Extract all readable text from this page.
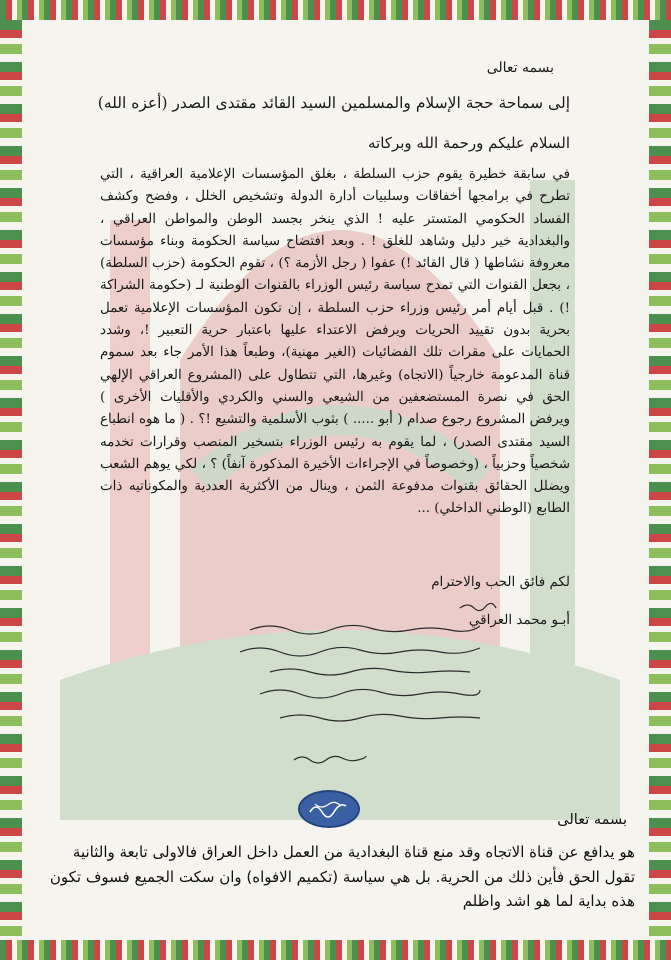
بسمه تعالى
إلى سماحة حجة الإسلام والمسلمين السيد القائد مقتدى الصدر (أعزه الله)
السلام عليكم ورحمة الله وبركاته
في سابقة خطيرة يقوم حزب السلطة ، بغلق المؤسسات الإعلامية العراقية ، التي تطرح في برامجها أخفاقات وسلبيات أدارة الدولة وتشخيص الخلل ، وفضح وكشف الفساد الحكومي المتستر عليه ! الذي ينخر بجسد الوطن والمواطن العراقي ، والبغدادية خير دليل وشاهد للغلق ! . وبعد افتضاح سياسة الحكومة وبناء مؤسسات معروفة نشاطها ( قال القائد !) عفوا ( رجل الأزمة ؟) ، تقوم الحكومة (حزب السلطة) ، بجعل القنوات التي تمدح سياسة رئيس الوزراء بالقنوات الوطنية لـ (حكومة الشراكة !) . قبل أيام أمر رئيس وزراء حزب السلطة ، إن تكون المؤسسات الإعلامية تعمل بحرية بدون تقييد الحريات ويرفض الاعتداء عليها باعتبار حرية التعبير !، وشدد الحمايات على مقرات تلك الفضائيات (الغير مهنية)، وطبعاً هذا الأمر جاء بعد سموم قناة المدعومة خارجياً (الاتجاه) وغيرها، التي تتطاول على (المشروع العراقي الإلهي الحق في نصرة المستضعفين من الشيعي والسني والكردي والأقليات الأخرى ) ويرفض المشروع رجوع صدام ( أبو ..... ) بثوب الأسلمية والتشيع !؟ . ( ما هوه انطباع السيد مقتدى الصدر) ، لما يقوم به رئيس الوزراء بتسخير المنصب وقرارات تخدمه شخصياً وحزبياً ، (وخصوصاً في الإجراءات الأخيرة المذكورة آنفاً) ؟ ، لكي يوهم الشعب ويضلل الحقائق بقنوات مدفوعة الثمن ، وينال من الأكثرية العددية والمكوناتيه ذات الطابع (الوطني الداخلي) ...
لكم فائق الحب والاحترام
أبـو محمد العراقي
بسمه تعالى
هو يدافع عن قناة الاتجاه وقد منع قناة البغدادية من العمل داخل العراق فالاولى تابعة والثانية تقول الحق فأين ذلك من الحرية. بل هي سياسة (تكميم الافواه) وان سكت الجميع فسوف تكون هذه بداية لما هو اشد واظلم
